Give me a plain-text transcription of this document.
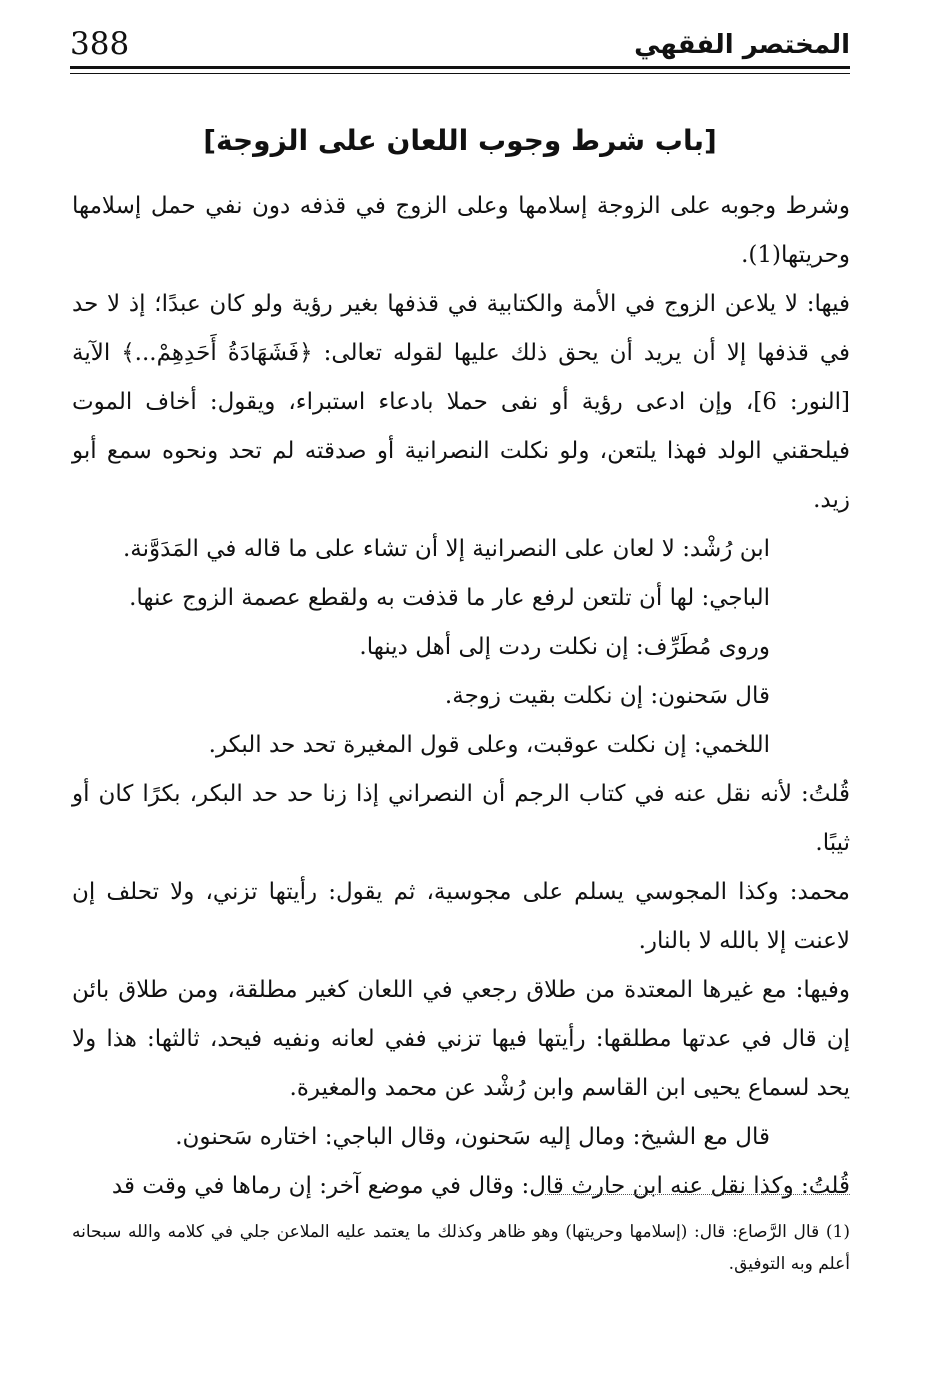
388	المختصر الفقهي
[باب شرط وجوب اللعان على الزوجة]

وشرط وجوبه على الزوجة إسلامها وعلى الزوج في قذفه دون نفي حمل إسلامها وحريتها(1).

فيها: لا يلاعن الزوج في الأمة والكتابية في قذفها بغير رؤية ولو كان عبدًا؛ إذ لا حد في قذفها إلا أن يريد أن يحق ذلك عليها لقوله تعالى: ﴿فَشَهَادَةُ أَحَدِهِمْ...﴾ الآية [النور: 6]، وإن ادعى رؤية أو نفى حملا بادعاء استبراء، ويقول: أخاف الموت فيلحقني الولد فهذا يلتعن، ولو نكلت النصرانية أو صدقته لم تحد ونحوه سمع أبو زيد.

ابن رُشْد: لا لعان على النصرانية إلا أن تشاء على ما قاله في المَدَوَّنة.

الباجي: لها أن تلتعن لرفع عار ما قذفت به ولقطع عصمة الزوج عنها.

وروى مُطَرِّف: إن نكلت ردت إلى أهل دينها.

قال سَحنون: إن نكلت بقيت زوجة.

اللخمي: إن نكلت عوقبت، وعلى قول المغيرة تحد حد البكر.

قُلتُ: لأنه نقل عنه في كتاب الرجم أن النصراني إذا زنا حد حد البكر، بكرًا كان أو ثيبًا.

محمد: وكذا المجوسي يسلم على مجوسية، ثم يقول: رأيتها تزني، ولا تحلف إن لاعنت إلا بالله لا بالنار.

وفيها: مع غيرها المعتدة من طلاق رجعي في اللعان كغير مطلقة، ومن طلاق بائن إن قال في عدتها مطلقها: رأيتها فيها تزني ففي لعانه ونفيه فيحد، ثالثها: هذا ولا يحد لسماع يحيى ابن القاسم وابن رُشْد عن محمد والمغيرة.

قال مع الشيخ: ومال إليه سَحنون، وقال الباجي: اختاره سَحنون.

قُلتُ: وكذا نقل عنه ابن حارث قال: وقال في موضع آخر: إن رماها في وقت قد

(1) قال الرَّصاع: قال: (إسلامها وحريتها) وهو ظاهر وكذلك ما يعتمد عليه الملاعن جلي في كلامه والله سبحانه أعلم وبه التوفيق.
